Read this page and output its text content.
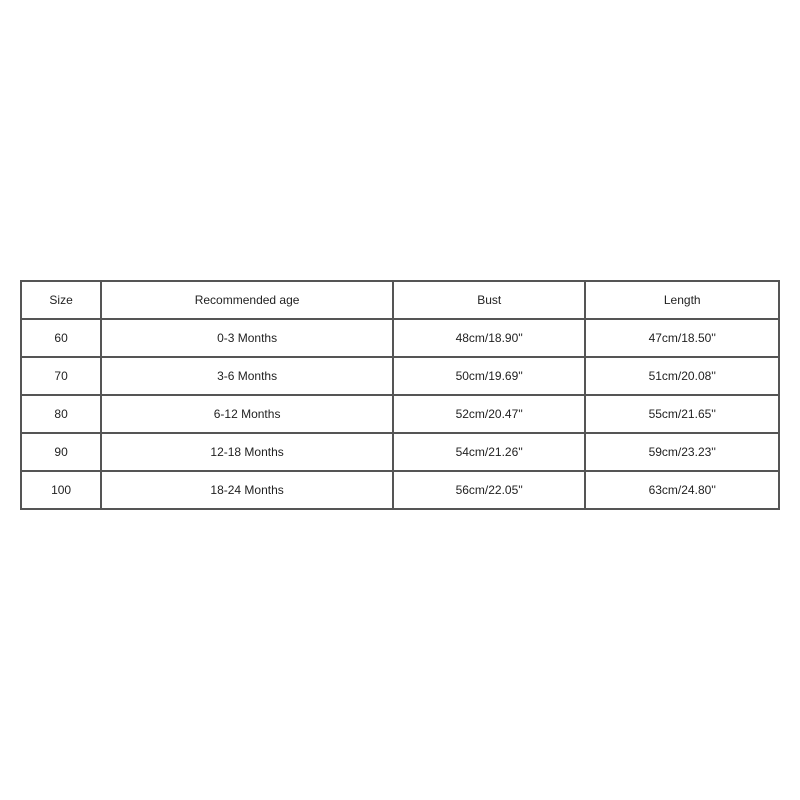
Size	Recommended age	Bust	Length
60	0-3 Months	48cm/18.90''	47cm/18.50''
70	3-6 Months	50cm/19.69''	51cm/20.08''
80	6-12 Months	52cm/20.47''	55cm/21.65''
90	12-18 Months	54cm/21.26''	59cm/23.23''
100	18-24 Months	56cm/22.05''	63cm/24.80''
